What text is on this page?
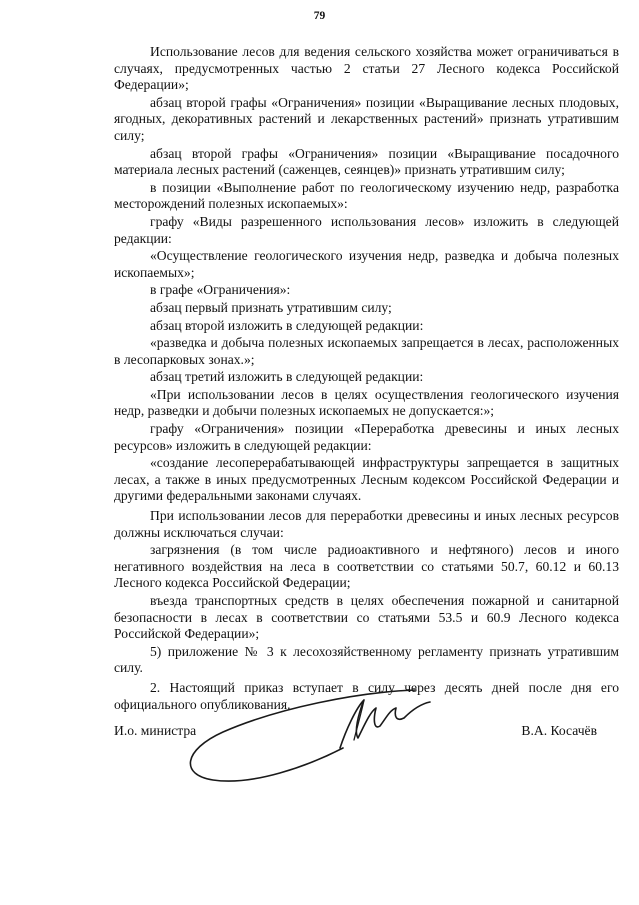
79

Использование лесов для ведения сельского хозяйства может ограничиваться в случаях, предусмотренных частью 2 статьи 27 Лесного кодекса Российской Федерации»;

абзац второй графы «Ограничения» позиции «Выращивание лесных плодовых, ягодных, декоративных растений и лекарственных растений» признать утратившим силу;

абзац второй графы «Ограничения» позиции «Выращивание посадочного материала лесных растений (саженцев, сеянцев)» признать утратившим силу;

в позиции «Выполнение работ по геологическому изучению недр, разработка месторождений полезных ископаемых»:

графу «Виды разрешенного использования лесов» изложить в следующей редакции:

«Осуществление геологического изучения недр, разведка и добыча полезных ископаемых»;

в графе «Ограничения»:

абзац первый признать утратившим силу;

абзац второй изложить в следующей редакции:

«разведка и добыча полезных ископаемых запрещается в лесах, расположенных в лесопарковых зонах.»;

абзац третий изложить в следующей редакции:

«При использовании лесов в целях осуществления геологического изучения недр, разведки и добычи полезных ископаемых не допускается:»;

графу «Ограничения» позиции «Переработка древесины и иных лесных ресурсов» изложить в следующей редакции:

«создание лесоперерабатывающей инфраструктуры запрещается в защитных лесах, а также в иных предусмотренных Лесным кодексом Российской Федерации и другими федеральными законами случаях.

При использовании лесов для переработки древесины и иных лесных ресурсов должны исключаться случаи:

загрязнения (в том числе радиоактивного и нефтяного) лесов и иного негативного воздействия на леса в соответствии со статьями 50.7, 60.12 и 60.13 Лесного кодекса Российской Федерации;

въезда транспортных средств в целях обеспечения пожарной и санитарной безопасности в лесах в соответствии со статьями 53.5 и 60.9 Лесного кодекса Российской Федерации»;

5) приложение № 3 к лесохозяйственному регламенту признать утратившим силу.

2. Настоящий приказ вступает в силу через десять дней после дня его официального опубликования.

И.о. министра	В.А. Косачёв
